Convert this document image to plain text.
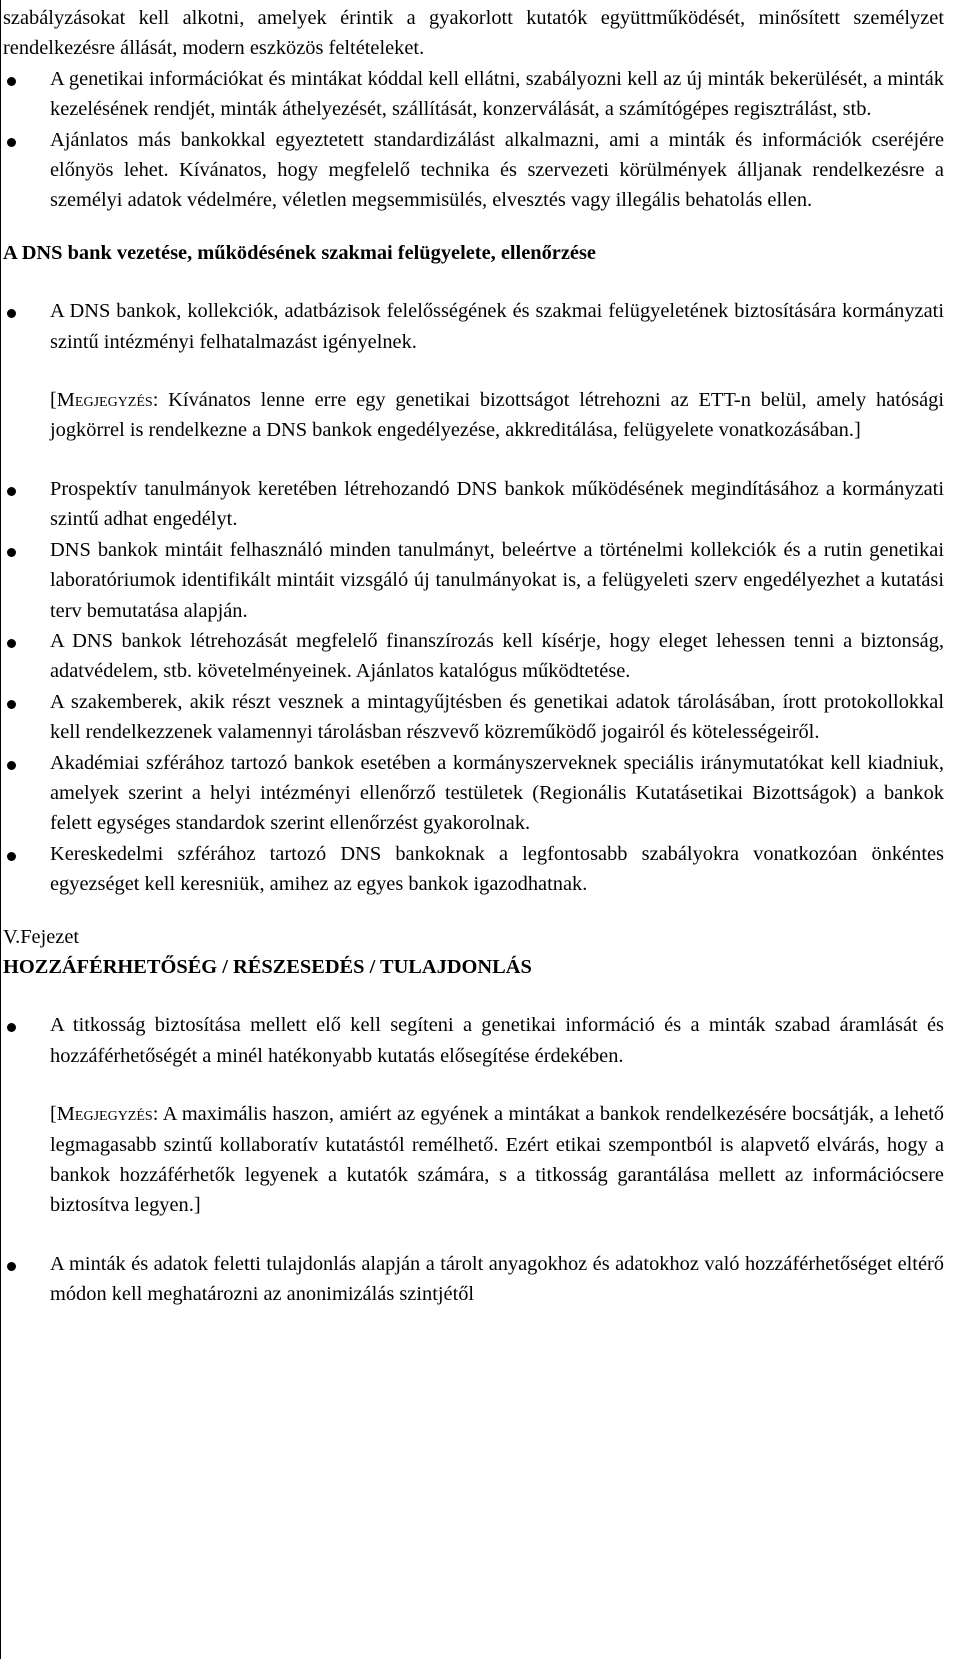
szabályzásokat kell alkotni, amelyek érintik a gyakorlott kutatók együttműködését, minősített személyzet rendelkezésre állását, modern eszközös feltételeket.

A genetikai információkat és mintákat kóddal kell ellátni, szabályozni kell az új minták bekerülését, a minták kezelésének rendjét, minták áthelyezését, szállítását, konzerválását, a számítógépes regisztrálást, stb.
Ajánlatos más bankokkal egyeztetett standardizálást alkalmazni, ami a minták és információk cseréjére előnyös lehet. Kívánatos, hogy megfelelő technika és szervezeti körülmények álljanak rendelkezésre a személyi adatok védelmére, véletlen megsemmisülés, elvesztés vagy illegális behatolás ellen.

A DNS bank vezetése, működésének szakmai felügyelete, ellenőrzése

A DNS bankok, kollekciók, adatbázisok felelősségének és szakmai felügyeletének biztosítására kormányzati szintű intézményi felhatalmazást igényelnek.

[Megjegyzés: Kívánatos lenne erre egy genetikai bizottságot létrehozni az ETT-n belül, amely hatósági jogkörrel is rendelkezne a DNS bankok engedélyezése, akkreditálása, felügyelete vonatkozásában.]

Prospektív tanulmányok keretében létrehozandó DNS bankok működésének megindításához a kormányzati szintű adhat engedélyt.
DNS bankok mintáit felhasználó minden tanulmányt, beleértve a történelmi kollekciók és a rutin genetikai laboratóriumok identifikált mintáit vizsgáló új tanulmányokat is, a felügyeleti szerv engedélyezhet a kutatási terv bemutatása alapján.
A DNS bankok létrehozását megfelelő finanszírozás kell kísérje, hogy eleget lehessen tenni a biztonság, adatvédelem, stb. követelményeinek. Ajánlatos katalógus működtetése.
A szakemberek, akik részt vesznek a mintagyűjtésben és genetikai adatok tárolásában, írott protokollokkal kell rendelkezzenek valamennyi tárolásban részvevő közreműködő jogairól és kötelességeiről.
Akadémiai szférához tartozó bankok esetében a kormányszerveknek speciális iránymutatókat kell kiadniuk, amelyek szerint a helyi intézményi ellenőrző testületek (Regionális Kutatásetikai Bizottságok) a bankok felett egységes standardok szerint ellenőrzést gyakorolnak.
Kereskedelmi szférához tartozó DNS bankoknak a legfontosabb szabályokra vonatkozóan önkéntes egyezséget kell keresniük, amihez az egyes bankok igazodhatnak.

V.Fejezet

HOZZÁFÉRHETŐSÉG / RÉSZESEDÉS / TULAJDONLÁS

A titkosság biztosítása mellett elő kell segíteni a genetikai információ és a minták szabad áramlását és hozzáférhetőségét a minél hatékonyabb kutatás elősegítése érdekében.

[Megjegyzés: A maximális haszon, amiért az egyének a mintákat a bankok rendelkezésére bocsátják, a lehető legmagasabb szintű kollaboratív kutatástól remélhető. Ezért etikai szempontból is alapvető elvárás, hogy a bankok hozzáférhetők legyenek a kutatók számára, s a titkosság garantálása mellett az információcsere biztosítva legyen.]

A minták és adatok feletti tulajdonlás alapján a tárolt anyagokhoz és adatokhoz való hozzáférhetőséget eltérő módon kell meghatározni az anonimizálás szintjétől
